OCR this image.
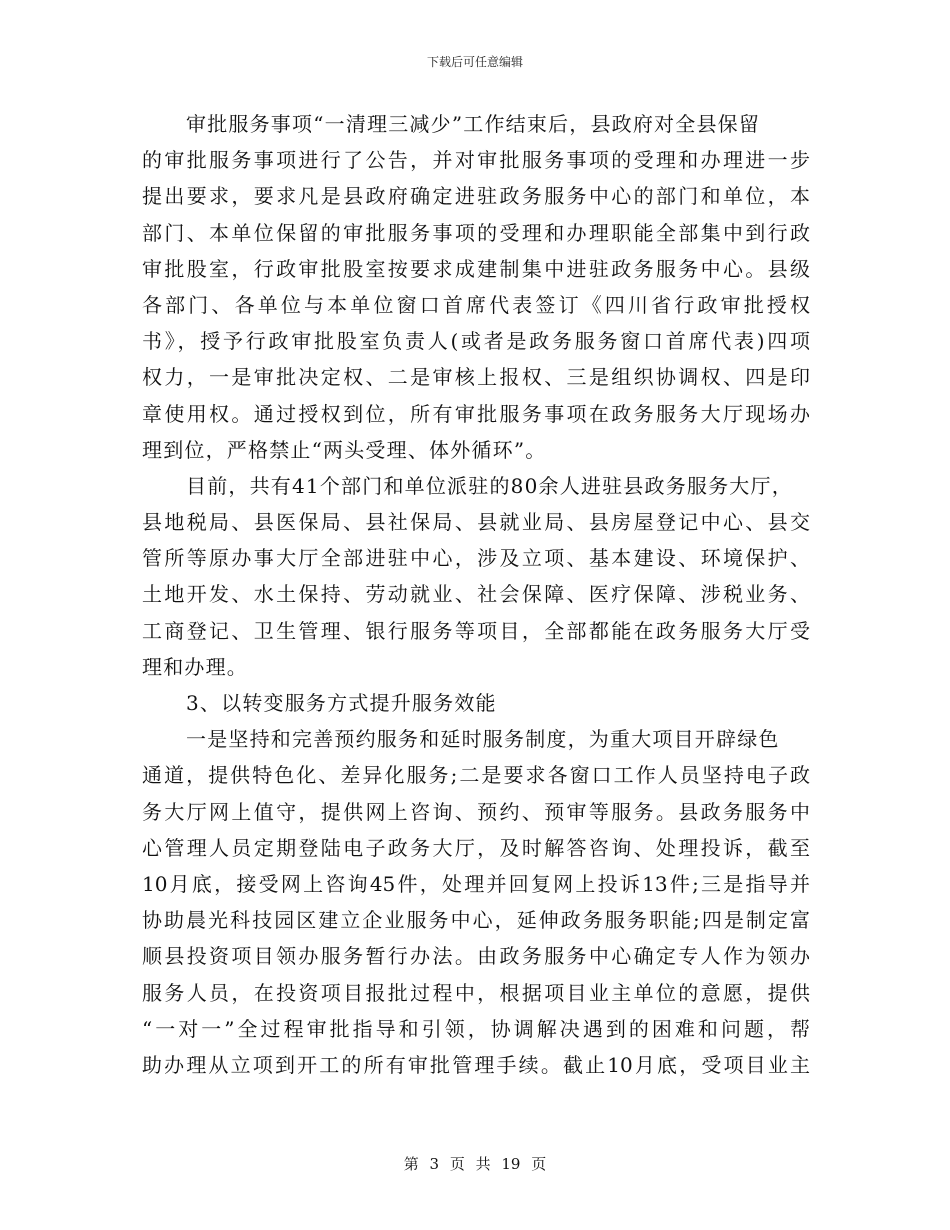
下载后可任意编辑
审批服务事项“一清理三减少”工作结束后，县政府对全县保留
的审批服务事项进行了公告，并对审批服务事项的受理和办理进一步
提出要求，要求凡是县政府确定进驻政务服务中心的部门和单位，本
部门、本单位保留的审批服务事项的受理和办理职能全部集中到行政
审批股室，行政审批股室按要求成建制集中进驻政务服务中心。县级
各部门、各单位与本单位窗口首席代表签订《四川省行政审批授权
书》，授予行政审批股室负责人(或者是政务服务窗口首席代表)四项
权力，一是审批决定权、二是审核上报权、三是组织协调权、四是印
章使用权。通过授权到位，所有审批服务事项在政务服务大厅现场办
理到位，严格禁止“两头受理、体外循环”。
目前，共有41个部门和单位派驻的80余人进驻县政务服务大厅，
县地税局、县医保局、县社保局、县就业局、县房屋登记中心、县交
管所等原办事大厅全部进驻中心，涉及立项、基本建设、环境保护、
土地开发、水土保持、劳动就业、社会保障、医疗保障、涉税业务、
工商登记、卫生管理、银行服务等项目，全部都能在政务服务大厅受
理和办理。
3、以转变服务方式提升服务效能
一是坚持和完善预约服务和延时服务制度，为重大项目开辟绿色
通道，提供特色化、差异化服务;二是要求各窗口工作人员坚持电子政
务大厅网上值守，提供网上咨询、预约、预审等服务。县政务服务中
心管理人员定期登陆电子政务大厅，及时解答咨询、处理投诉，截至
10月底，接受网上咨询45件，处理并回复网上投诉13件;三是指导并
协助晨光科技园区建立企业服务中心，延伸政务服务职能;四是制定富
顺县投资项目领办服务暂行办法。由政务服务中心确定专人作为领办
服务人员，在投资项目报批过程中，根据项目业主单位的意愿，提供
“一对一”全过程审批指导和引领，协调解决遇到的困难和问题，帮
助办理从立项到开工的所有审批管理手续。截止10月底，受项目业主
第 3 页 共 19 页
